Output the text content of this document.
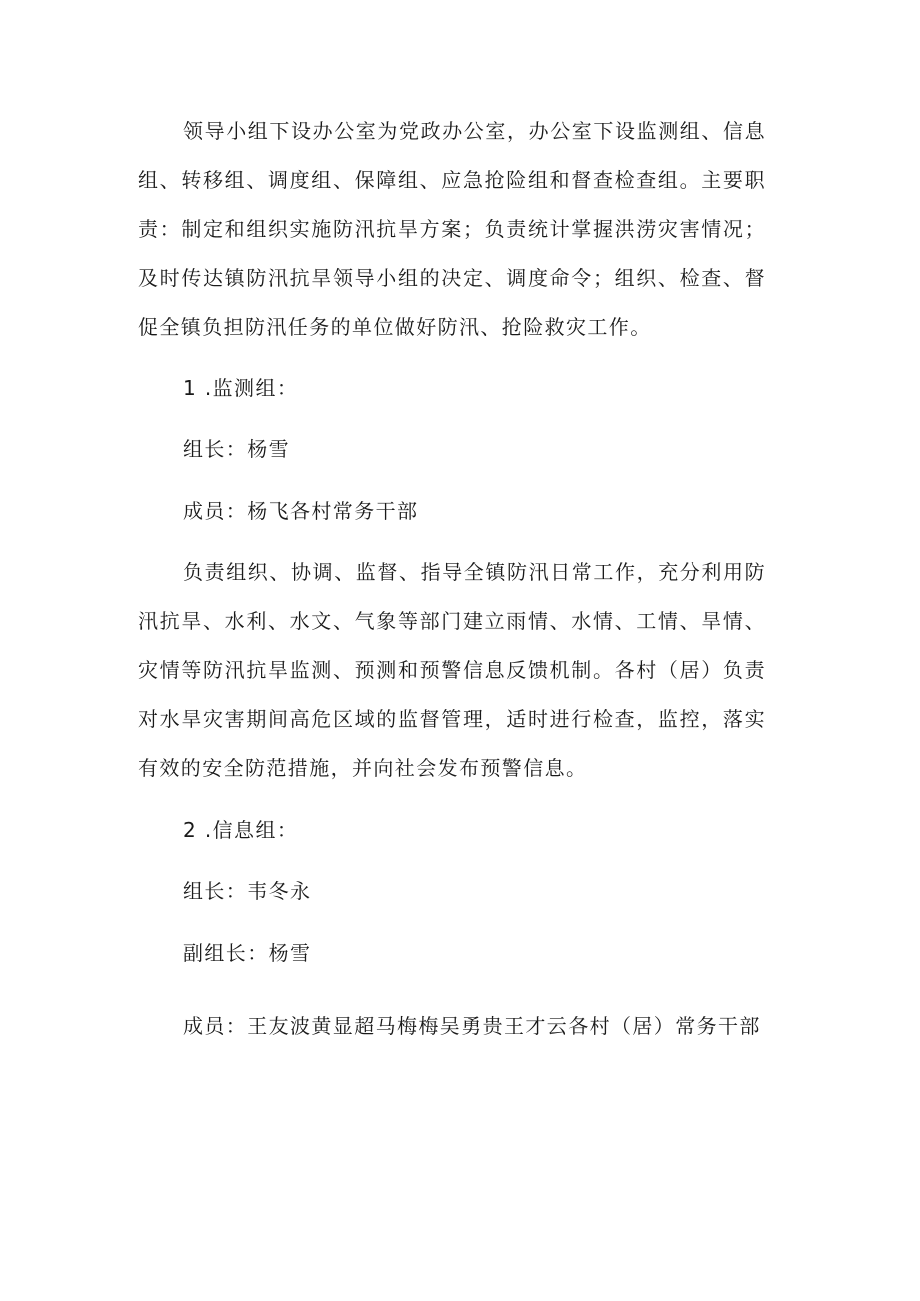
领导小组下设办公室为党政办公室，办公室下设监测组、信息组、转移组、调度组、保障组、应急抢险组和督查检查组。主要职责：制定和组织实施防汛抗旱方案；负责统计掌握洪涝灾害情况；及时传达镇防汛抗旱领导小组的决定、调度命令；组织、检查、督促全镇负担防汛任务的单位做好防汛、抢险救灾工作。

1 .监测组：

组长：杨雪

成员：杨飞各村常务干部

负责组织、协调、监督、指导全镇防汛日常工作，充分利用防汛抗旱、水利、水文、气象等部门建立雨情、水情、工情、旱情、灾情等防汛抗旱监测、预测和预警信息反馈机制。各村（居）负责对水旱灾害期间高危区域的监督管理，适时进行检查，监控，落实有效的安全防范措施，并向社会发布预警信息。

2 .信息组：

组长：韦冬永

副组长：杨雪

成员：王友波黄显超马梅梅吴勇贵王才云各村（居）常务干部
